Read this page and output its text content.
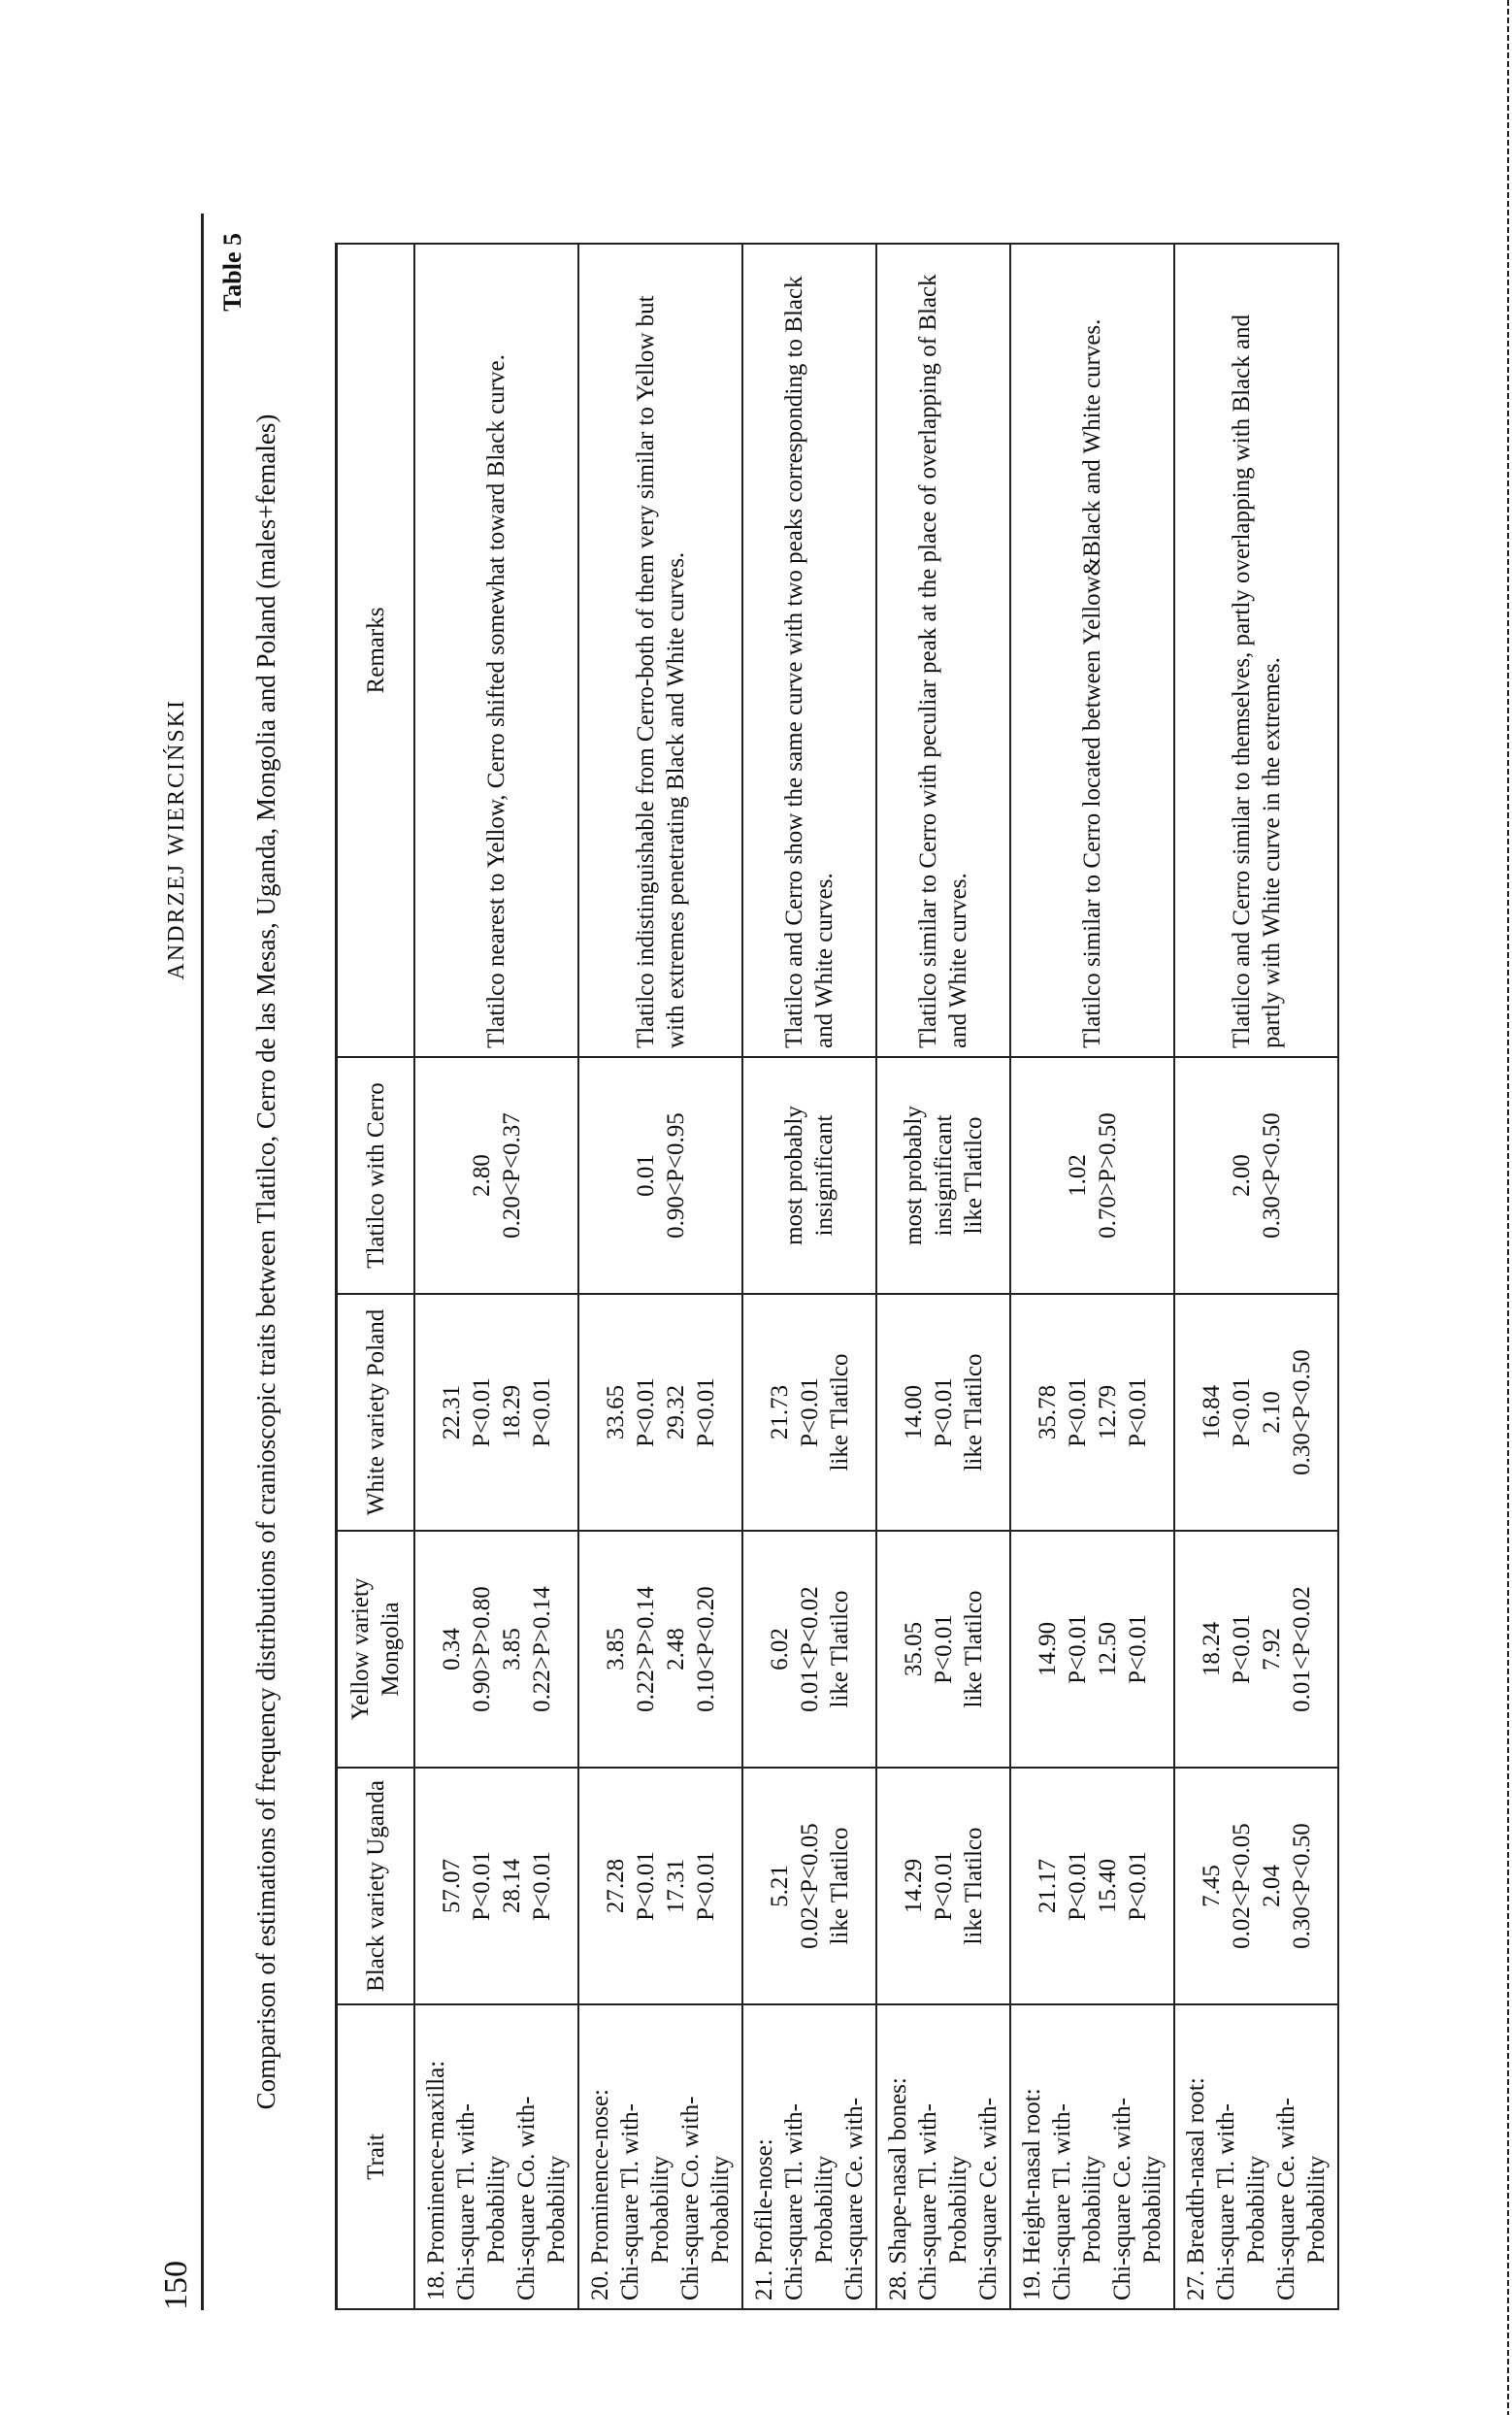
150
ANDRZEJ WIERCIŃSKI
Table 5
Comparison of estimations of frequency distributions of cranioscopic traits between Tlatilco, Cerro de las Mesas, Uganda, Mongolia and Poland (males+females)
Trait	Black variety Uganda	Yellow variety Mongolia	White variety Poland	Tlatilco with Cerro	Remarks

18. Prominence-maxilla: Chi-square Tl. with- Probability Chi-square Co. with- Probability	57.07 P<0.01 28.14 P<0.01	0.34 0.90>P>0.80 3.85 0.22>P>0.14	22.31 P<0.01 18.29 P<0.01	2.80 0.20<P<0.37	Tlatilco nearest to Yellow, Cerro shifted somewhat toward Black curve.

20. Prominence-nose: Chi-square Tl. with- Probability Chi-square Co. with- Probability	27.28 P<0.01 17.31 P<0.01	3.85 0.22>P>0.14 2.48 0.10<P<0.20	33.65 P<0.01 29.32 P<0.01	0.01 0.90<P<0.95	Tlatilco indistinguishable from Cerro-both of them very similar to Yellow but with extremes penetrating Black and White curves.

21. Profile-nose: Chi-square Tl. with- Probability Chi-square Ce. with-	5.21 0.02<P<0.05 like Tlatilco	6.02 0.01<P<0.02 like Tlatilco	21.73 P<0.01 like Tlatilco	most probably insignificant	Tlatilco and Cerro show the same curve with two peaks corresponding to Black and White curves.

28. Shape-nasal bones: Chi-square Tl. with- Probability Chi-square Ce. with-	14.29 P<0.01 like Tlatilco	35.05 P<0.01 like Tlatilco	14.00 P<0.01 like Tlatilco	most probably insignificant like Tlatilco	Tlatilco similar to Cerro with peculiar peak at the place of overlapping of Black and White curves.

19. Height-nasal root: Chi-square Tl. with- Probability Chi-square Ce. with- Probability	21.17 P<0.01 15.40 P<0.01	14.90 P<0.01 12.50 P<0.01	35.78 P<0.01 12.79 P<0.01	1.02 0.70>P>0.50	Tlatilco similar to Cerro located between Yellow&Black and White curves.

27. Breadth-nasal root: Chi-square Tl. with- Probability Chi-square Ce. with- Probability	7.45 0.02<P<0.05 2.04 0.30<P<0.50	18.24 P<0.01 7.92 0.01<P<0.02	16.84 P<0.01 2.10 0.30<P<0.50	2.00 0.30<P<0.50	Tlatilco and Cerro similar to themselves, partly overlapping with Black and partly with White curve in the extremes.
